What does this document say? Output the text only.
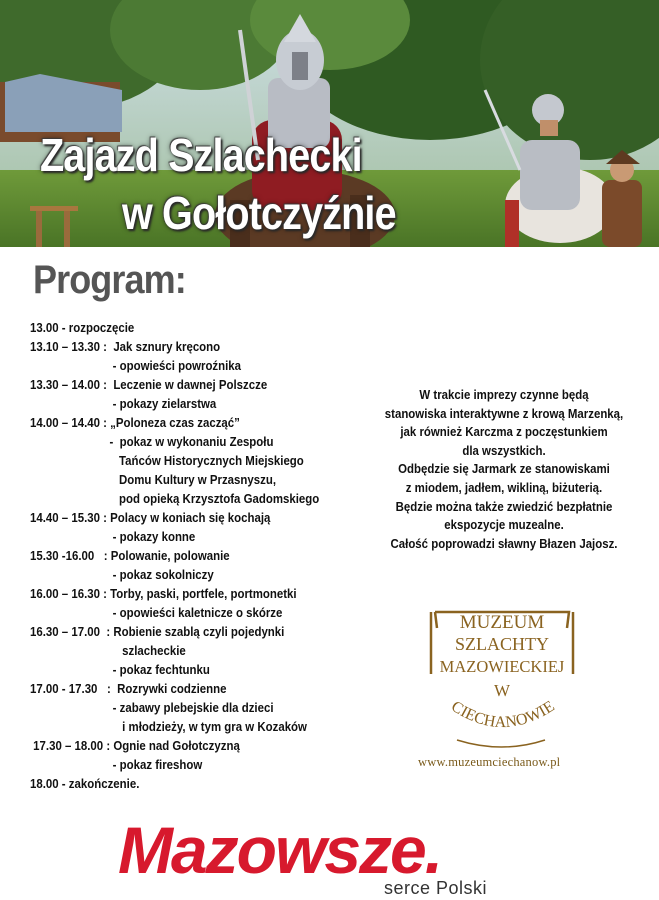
Zajazd Szlachecki
w Gołotczyźnie
Program:
13.00 - rozpoczęcie
13.10 – 13.30 :  Jak sznury kręcono
- opowieści powroźnika
13.30 – 14.00 :  Leczenie w dawnej Polszcze
- pokazy zielarstwa
14.00 – 14.40 : „Poloneza czas zacząć”
-  pokaz w wykonaniu Zespołu
Tańców Historycznych Miejskiego
Domu Kultury w Przasnyszu,
pod opieką Krzysztofa Gadomskiego
14.40 – 15.30 : Polacy w koniach się kochają
- pokazy konne
15.30 -16.00   : Polowanie, polowanie
- pokaz sokolniczy
16.00 – 16.30 : Torby, paski, portfele, portmonetki
- opowieści kaletnicze o skórze
16.30 – 17.00  : Robienie szablą czyli pojedynki
szlacheckie
- pokaz fechtunku
17.00 - 17.30   :  Rozrywki codzienne
- zabawy plebejskie dla dzieci
i młodzieży, w tym gra w Kozaków
17.30 – 18.00 : Ognie nad Gołotczyzną
- pokaz fireshow
18.00 - zakończenie.
W trakcie imprezy czynne będą
stanowiska interaktywne z krową Marzenką,
jak również Karczma z poczęstunkiem
dla wszystkich.
Odbędzie się Jarmark ze stanowiskami
z miodem, jadłem, wikliną, biżuterią.
Będzie można także zwiedzić bezpłatnie
ekspozycje muzealne.
Całość poprowadzi sławny Błazen Jajosz.
MUZEUM
SZLACHTY
MAZOWIECKIEJ
W
CIECHANOWIE
www.muzeumciechanow.pl
Mazowsze.
serce Polski
